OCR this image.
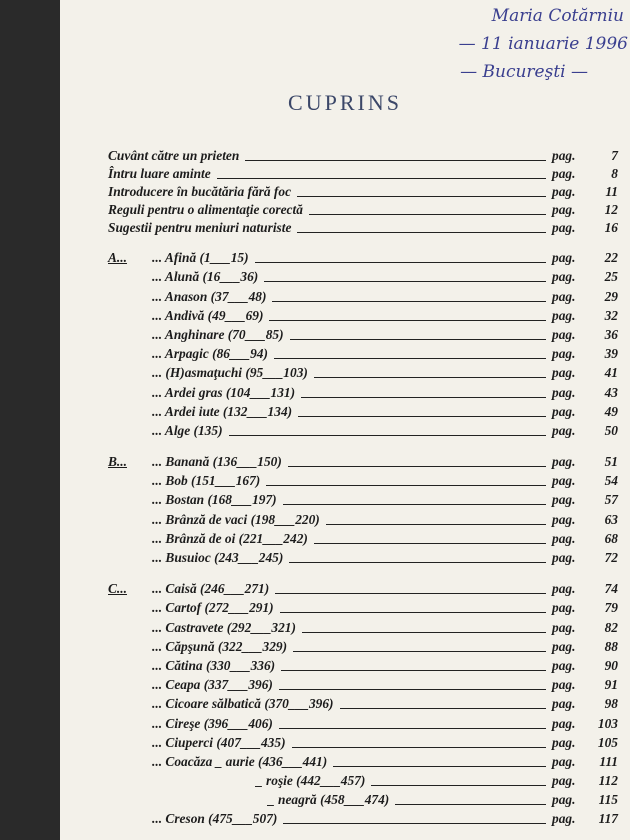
Maria Cotărniu
— 11 ianuarie 1996
— Bucureşti —
CUPRINS
Cuvânt către un prieten	pag.	7
Întru luare aminte	pag.	8
Introducere în bucătăria fără foc	pag.	11
Reguli pentru o alimentaţie corectă	pag.	12
Sugestii pentru meniuri naturiste	pag.	16
A...	... Afină (1___15)	pag.	22
... Alună (16___36)	pag.	25
... Anason (37___48)	pag.	29
... Andivă (49___69)	pag.	32
... Anghinare (70___85)	pag.	36
... Arpagic (86___94)	pag.	39
... (H)asmaţuchi (95___103)	pag.	41
... Ardei gras (104___131)	pag.	43
... Ardei iute (132___134)	pag.	49
... Alge (135)	pag.	50
B...	... Banană (136___150)	pag.	51
... Bob (151___167)	pag.	54
... Bostan (168___197)	pag.	57
... Brânză de vaci (198___220)	pag.	63
... Brânză de oi (221___242)	pag.	68
... Busuioc (243___245)	pag.	72
C...	... Caisă (246___271)	pag.	74
... Cartof (272___291)	pag.	79
... Castravete (292___321)	pag.	82
... Căpşună (322___329)	pag.	88
... Cătina (330___336)	pag.	90
... Ceapa (337___396)	pag.	91
... Cicoare sălbatică (370___396)	pag.	98
... Cireşe (396___406)	pag.	103
... Ciuperci (407___435)	pag.	105
... Coacăza _ aurie (436___441)	pag.	111
_ roşie (442___457)	pag.	112
_ neagră (458___474)	pag.	115
... Creson (475___507)	pag.	117
